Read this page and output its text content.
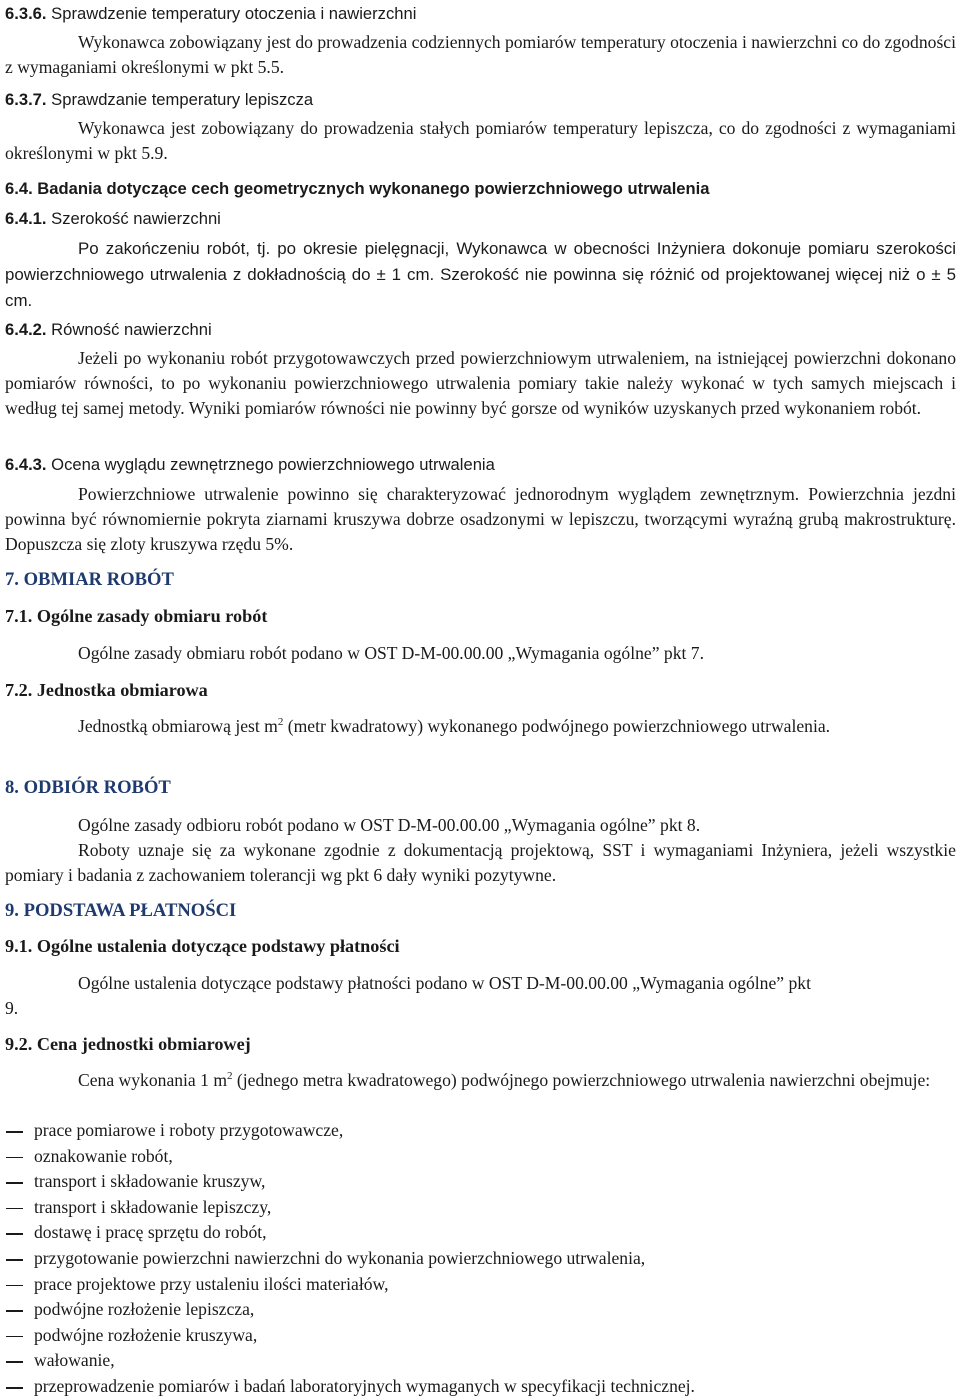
6.3.6. Sprawdzenie temperatury otoczenia i nawierzchni

Wykonawca zobowiązany jest do prowadzenia codziennych pomiarów temperatury otoczenia i nawierzchni co do zgodności z wymaganiami określonymi w pkt 5.5.

6.3.7. Sprawdzanie temperatury lepiszcza

Wykonawca jest zobowiązany do prowadzenia stałych pomiarów temperatury lepiszcza, co do zgodności z wymaganiami określonymi w pkt 5.9.

6.4. Badania dotyczące cech geometrycznych wykonanego powierzchniowego utrwalenia
6.4.1. Szerokość nawierzchni

Po zakończeniu robót, tj. po okresie pielęgnacji, Wykonawca w obecności Inżyniera dokonuje pomiaru szerokości powierzchniowego utrwalenia z dokładnością do ± 1 cm. Szerokość nie powinna się różnić od projektowanej więcej niż o ± 5 cm.

6.4.2. Równość nawierzchni

Jeżeli po wykonaniu robót przygotowawczych przed powierzchniowym utrwaleniem, na istniejącej powierzchni dokonano pomiarów równości, to po wykonaniu powierzchniowego utrwalenia pomiary takie należy wykonać w tych samych miejscach i według tej samej metody. Wyniki pomiarów równości nie powinny być gorsze od wyników uzyskanych przed wykonaniem robót.

6.4.3. Ocena wyglądu zewnętrznego powierzchniowego utrwalenia

Powierzchniowe utrwalenie powinno się charakteryzować jednorodnym wyglądem zewnętrznym. Powierzchnia jezdni powinna być równomiernie pokryta ziarnami kruszywa dobrze osadzonymi w lepiszczu, tworzącymi wyraźną grubą makrostrukturę. Dopuszcza się zloty kruszywa rzędu 5%.

7. OBMIAR ROBÓT
7.1. Ogólne zasady obmiaru robót

Ogólne zasady obmiaru robót podano w OST D-M-00.00.00 „Wymagania ogólne” pkt 7.

7.2. Jednostka obmiarowa

Jednostką obmiarową jest $m^2$ (metr kwadratowy) wykonanego podwójnego powierzchniowego utrwalenia.

8. ODBIÓR ROBÓT

Ogólne zasady odbioru robót podano w OST D-M-00.00.00 „Wymagania ogólne” pkt 8.

Roboty uznaje się za wykonane zgodnie z dokumentacją projektową, SST i wymaganiami Inżyniera, jeżeli wszystkie pomiary i badania z zachowaniem tolerancji wg pkt 6 dały wyniki pozytywne.

9. PODSTAWA PŁATNOŚCI
9.1. Ogólne ustalenia dotyczące podstawy płatności

Ogólne ustalenia dotyczące podstawy płatności podano w OST D-M-00.00.00 „Wymagania ogólne” pkt

9.

9.2. Cena jednostki obmiarowej

Cena wykonania 1 $m^2$ (jednego metra kwadratowego) podwójnego powierzchniowego utrwalenia nawierzchni obejmuje:

prace pomiarowe i roboty przygotowawcze,
oznakowanie robót,
transport i składowanie kruszyw,
transport i składowanie lepiszczy,
dostawę i pracę sprzętu do robót,
przygotowanie powierzchni nawierzchni do wykonania powierzchniowego utrwalenia,
prace projektowe przy ustaleniu ilości materiałów,
podwójne rozłożenie lepiszcza,
podwójne rozłożenie kruszywa,
wałowanie,
przeprowadzenie pomiarów i badań laboratoryjnych wymaganych w specyfikacji technicznej.
